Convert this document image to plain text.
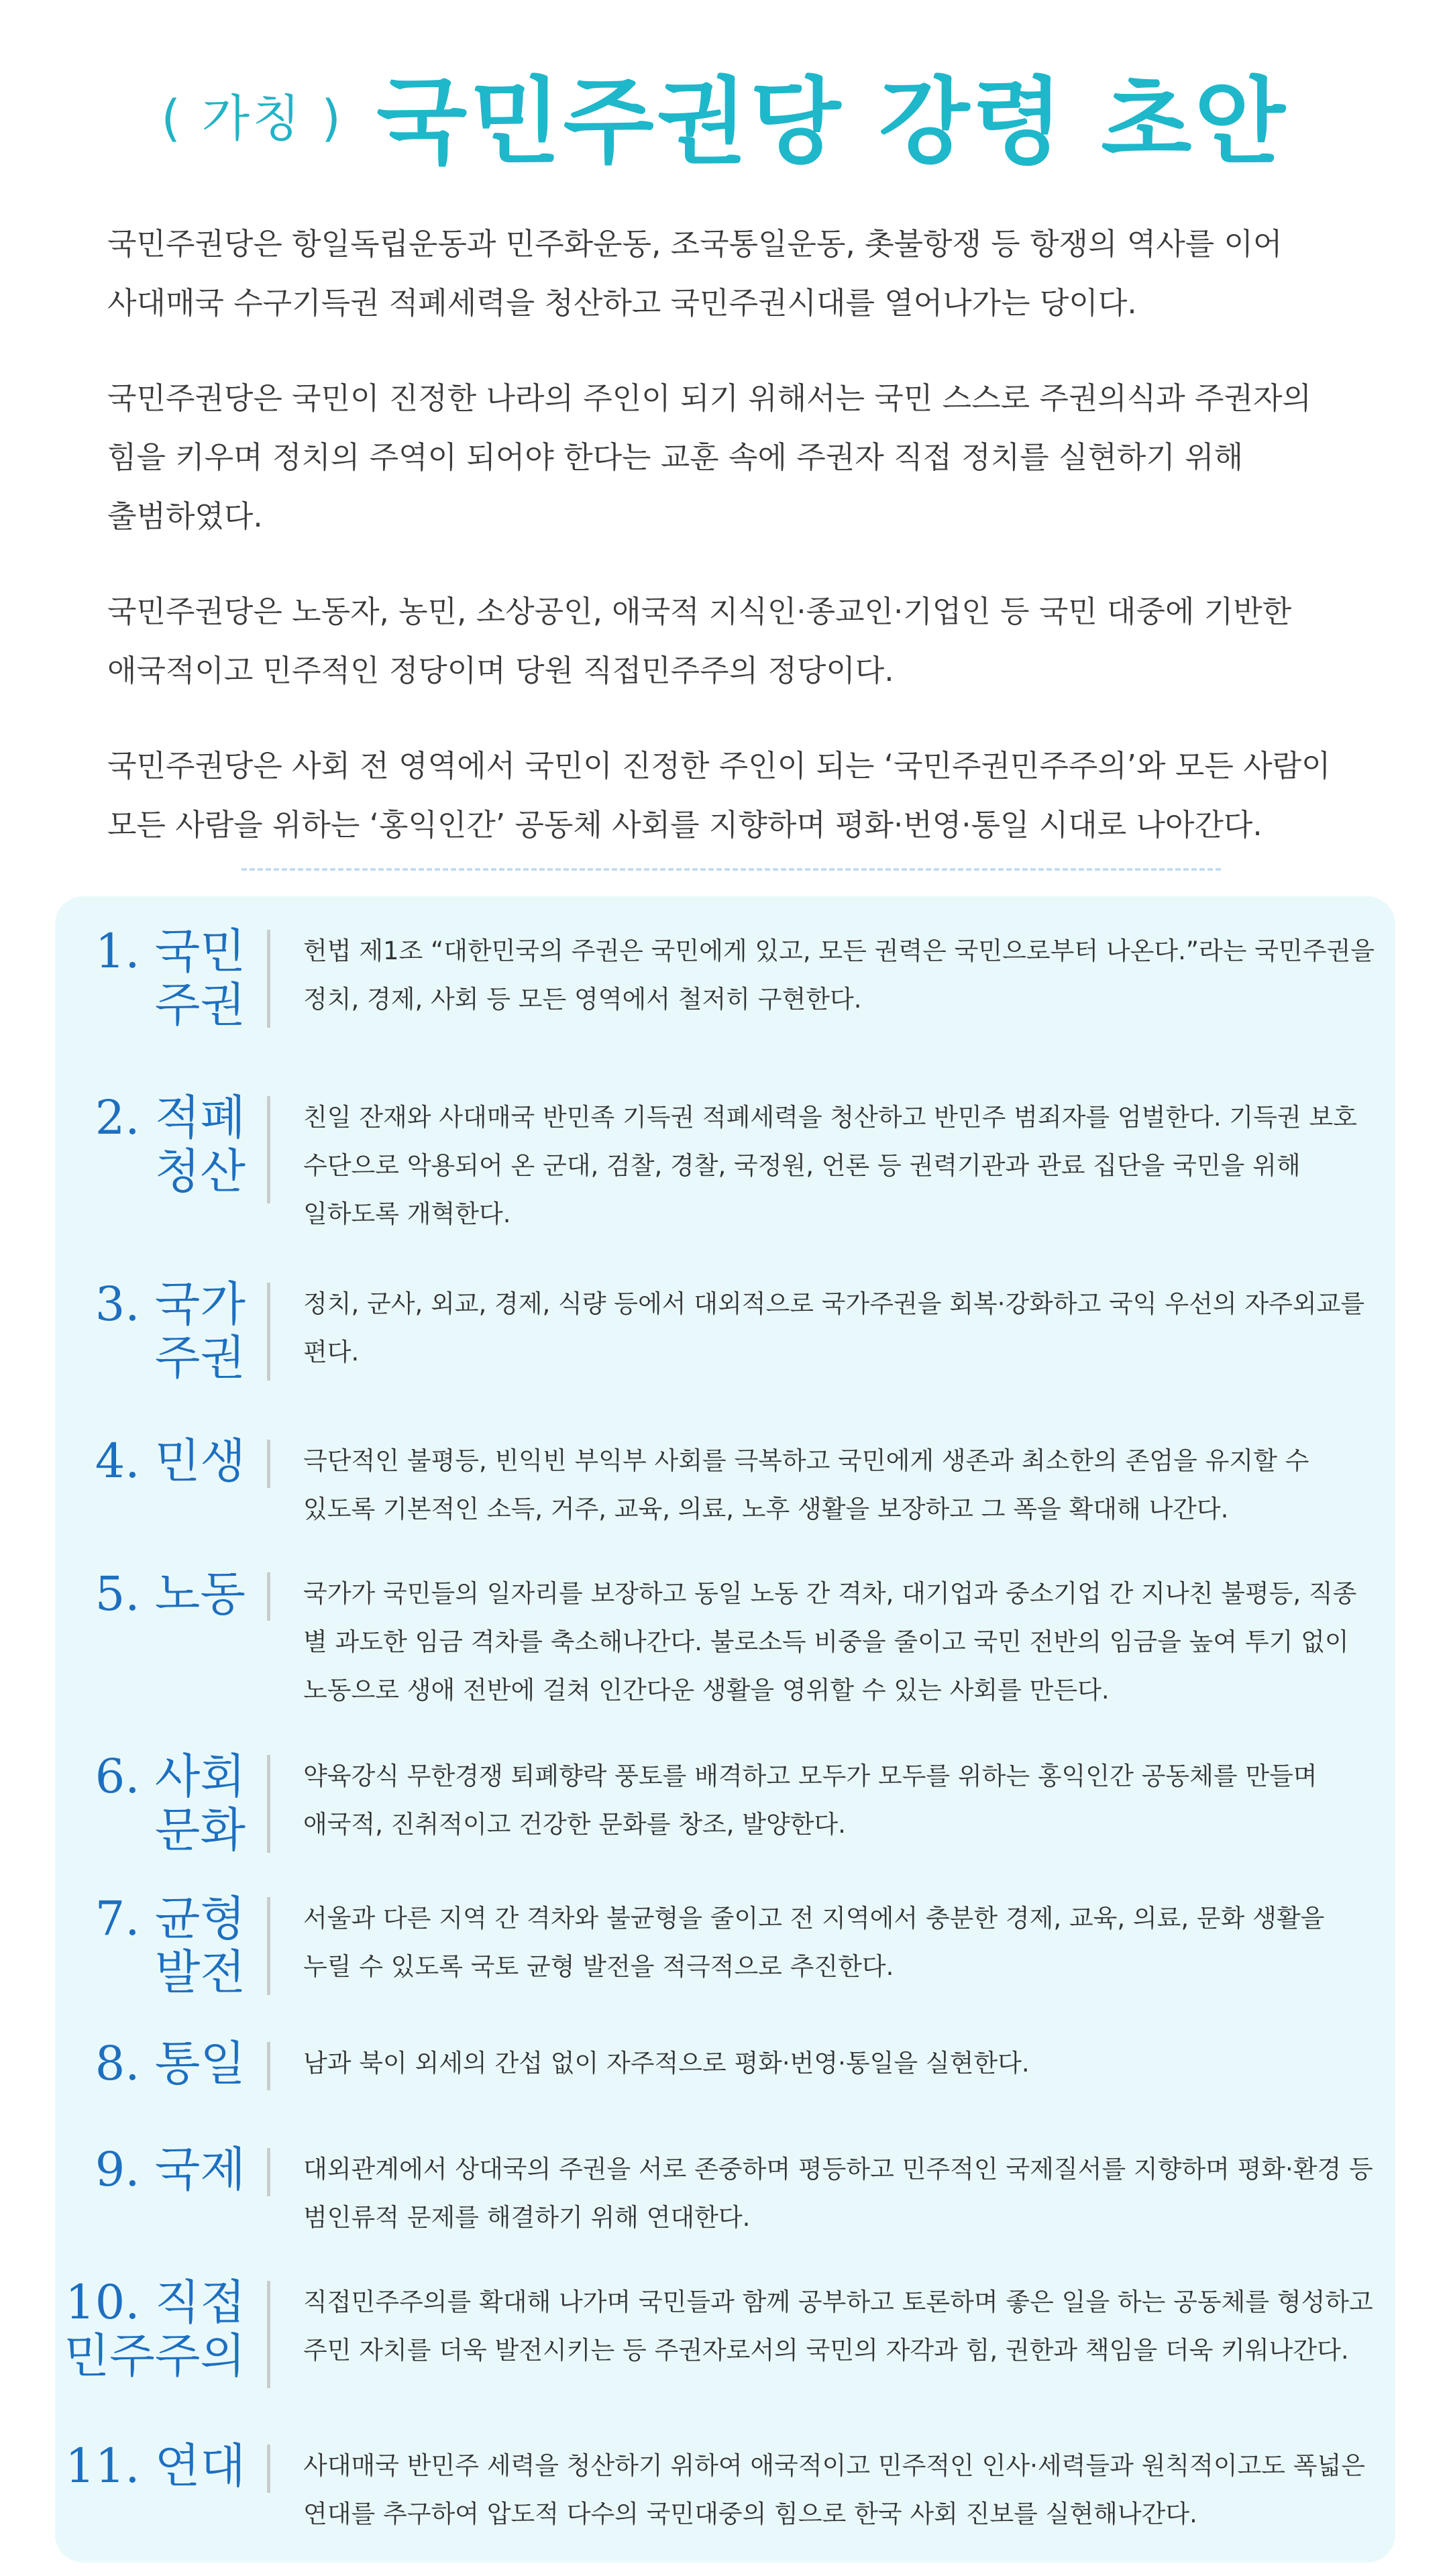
( 가칭 ) 국민주권당 강령 초안

국민주권당은 항일독립운동과 민주화운동, 조국통일운동, 촛불항쟁 등 항쟁의 역사를 이어 사대매국 수구기득권 적폐세력을 청산하고 국민주권시대를 열어나가는 당이다.

국민주권당은 국민이 진정한 나라의 주인이 되기 위해서는 국민 스스로 주권의식과 주권자의 힘을 키우며 정치의 주역이 되어야 한다는 교훈 속에 주권자 직접 정치를 실현하기 위해 출범하였다.

국민주권당은 노동자, 농민, 소상공인, 애국적 지식인·종교인·기업인 등 국민 대중에 기반한 애국적이고 민주적인 정당이며 당원 직접민주주의 정당이다.

국민주권당은 사회 전 영역에서 국민이 진정한 주인이 되는 ‘국민주권민주주의’와 모든 사람이 모든 사람을 위하는 ‘홍익인간’ 공동체 사회를 지향하며 평화·번영·통일 시대로 나아간다.

1. 국민
주권

헌법 제1조 “대한민국의 주권은 국민에게 있고, 모든 권력은 국민으로부터 나온다.”라는 국민주권을 정치, 경제, 사회 등 모든 영역에서 철저히 구현한다.

2. 적폐
청산

친일 잔재와 사대매국 반민족 기득권 적폐세력을 청산하고 반민주 범죄자를 엄벌한다. 기득권 보호 수단으로 악용되어 온 군대, 검찰, 경찰, 국정원, 언론 등 권력기관과 관료 집단을 국민을 위해 일하도록 개혁한다.

3. 국가
주권

정치, 군사, 외교, 경제, 식량 등에서 대외적으로 국가주권을 회복·강화하고 국익 우선의 자주외교를 편다.

4. 민생 극단적인 불평등, 빈익빈 부익부 사회를 극복하고 국민에게 생존과 최소한의 존엄을 유지할 수 있도록 기본적인 소득, 거주, 교육, 의료, 노후 생활을 보장하고 그 폭을 확대해 나간다.

5. 노동 국가가 국민들의 일자리를 보장하고 동일 노동 간 격차, 대기업과 중소기업 간 지나친 불평등, 직종 별 과도한 임금 격차를 축소해나간다. 불로소득 비중을 줄이고 국민 전반의 임금을 높여 투기 없이 노동으로 생애 전반에 걸쳐 인간다운 생활을 영위할 수 있는 사회를 만든다.

6. 사회
문화

약육강식 무한경쟁 퇴폐향락 풍토를 배격하고 모두가 모두를 위하는 홍익인간 공동체를 만들며 애국적, 진취적이고 건강한 문화를 창조, 발양한다.

7. 균형
발전

서울과 다른 지역 간 격차와 불균형을 줄이고 전 지역에서 충분한 경제, 교육, 의료, 문화 생활을 누릴 수 있도록 국토 균형 발전을 적극적으로 추진한다.

8. 통일 남과 북이 외세의 간섭 없이 자주적으로 평화·번영·통일을 실현한다.

9. 국제 대외관계에서 상대국의 주권을 서로 존중하며 평등하고 민주적인 국제질서를 지향하며 평화·환경 등 범인류적 문제를 해결하기 위해 연대한다.

10. 직접
민주주의

직접민주주의를 확대해 나가며 국민들과 함께 공부하고 토론하며 좋은 일을 하는 공동체를 형성하고 주민 자치를 더욱 발전시키는 등 주권자로서의 국민의 자각과 힘, 권한과 책임을 더욱 키워나간다.

11. 연대 사대매국 반민주 세력을 청산하기 위하여 애국적이고 민주적인 인사·세력들과 원칙적이고도 폭넓은 연대를 추구하여 압도적 다수의 국민대중의 힘으로 한국 사회 진보를 실현해나간다.
